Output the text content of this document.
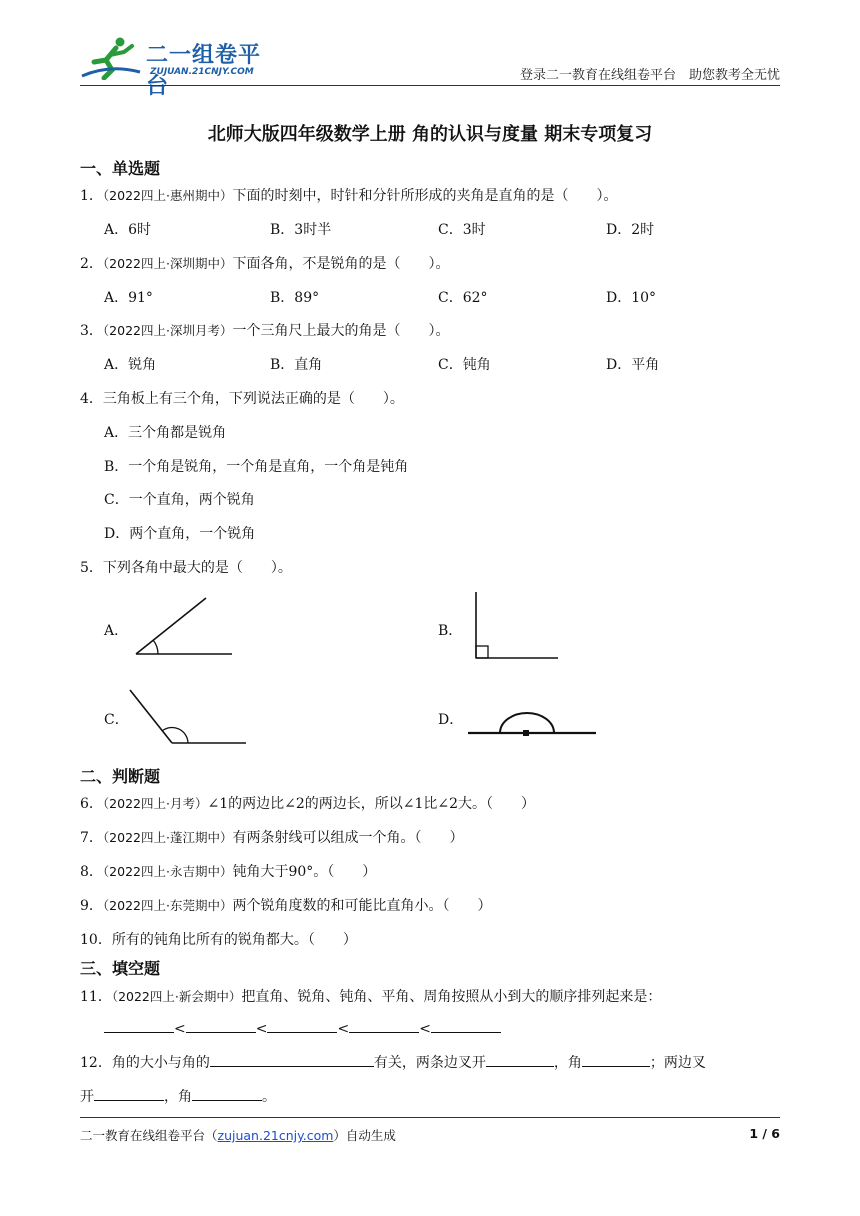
二一组卷平台
ZUJUAN.21CNJY.COM	登录二一教育在线组卷平台　助您教考全无忧
北师大版四年级数学上册 角的认识与度量 期末专项复习
一、单选题
1．（2022四上·惠州期中）下面的时刻中，时针和分针所形成的夹角是直角的是（　　）。
A．6时	B．3时半	C．3时	D．2时
2．（2022四上·深圳期中）下面各角，不是锐角的是（　　）。
A．91°	B．89°	C．62°	D．10°
3．（2022四上·深圳月考）一个三角尺上最大的角是（　　）。
A．锐角	B．直角	C．钝角	D．平角
4．三角板上有三个角，下列说法正确的是（　　）。
A．三个角都是锐角
B．一个角是锐角，一个角是直角，一个角是钝角
C．一个直角，两个锐角
D．两个直角，一个锐角
5．下列各角中最大的是（　　）。
A．	B．
C．	D．
二、判断题
6．（2022四上·月考）∠1的两边比∠2的两边长，所以∠1比∠2大。（　　）
7．（2022四上·蓬江期中）有两条射线可以组成一个角。（　　）
8．（2022四上·永吉期中）钝角大于90°。（　　）
9．（2022四上·东莞期中）两个锐角度数的和可能比直角小。（　　）
10．所有的钝角比所有的锐角都大。（　　）
三、填空题
11．（2022四上·新会期中）把直角、锐角、钝角、平角、周角按照从小到大的顺序排列起来是：
<	<	<	<
12．角的大小与角的	有关，两条边叉开	，角	；两边叉
开	，角	。
二一教育在线组卷平台（zujuan.21cnjy.com）自动生成	1 / 6
